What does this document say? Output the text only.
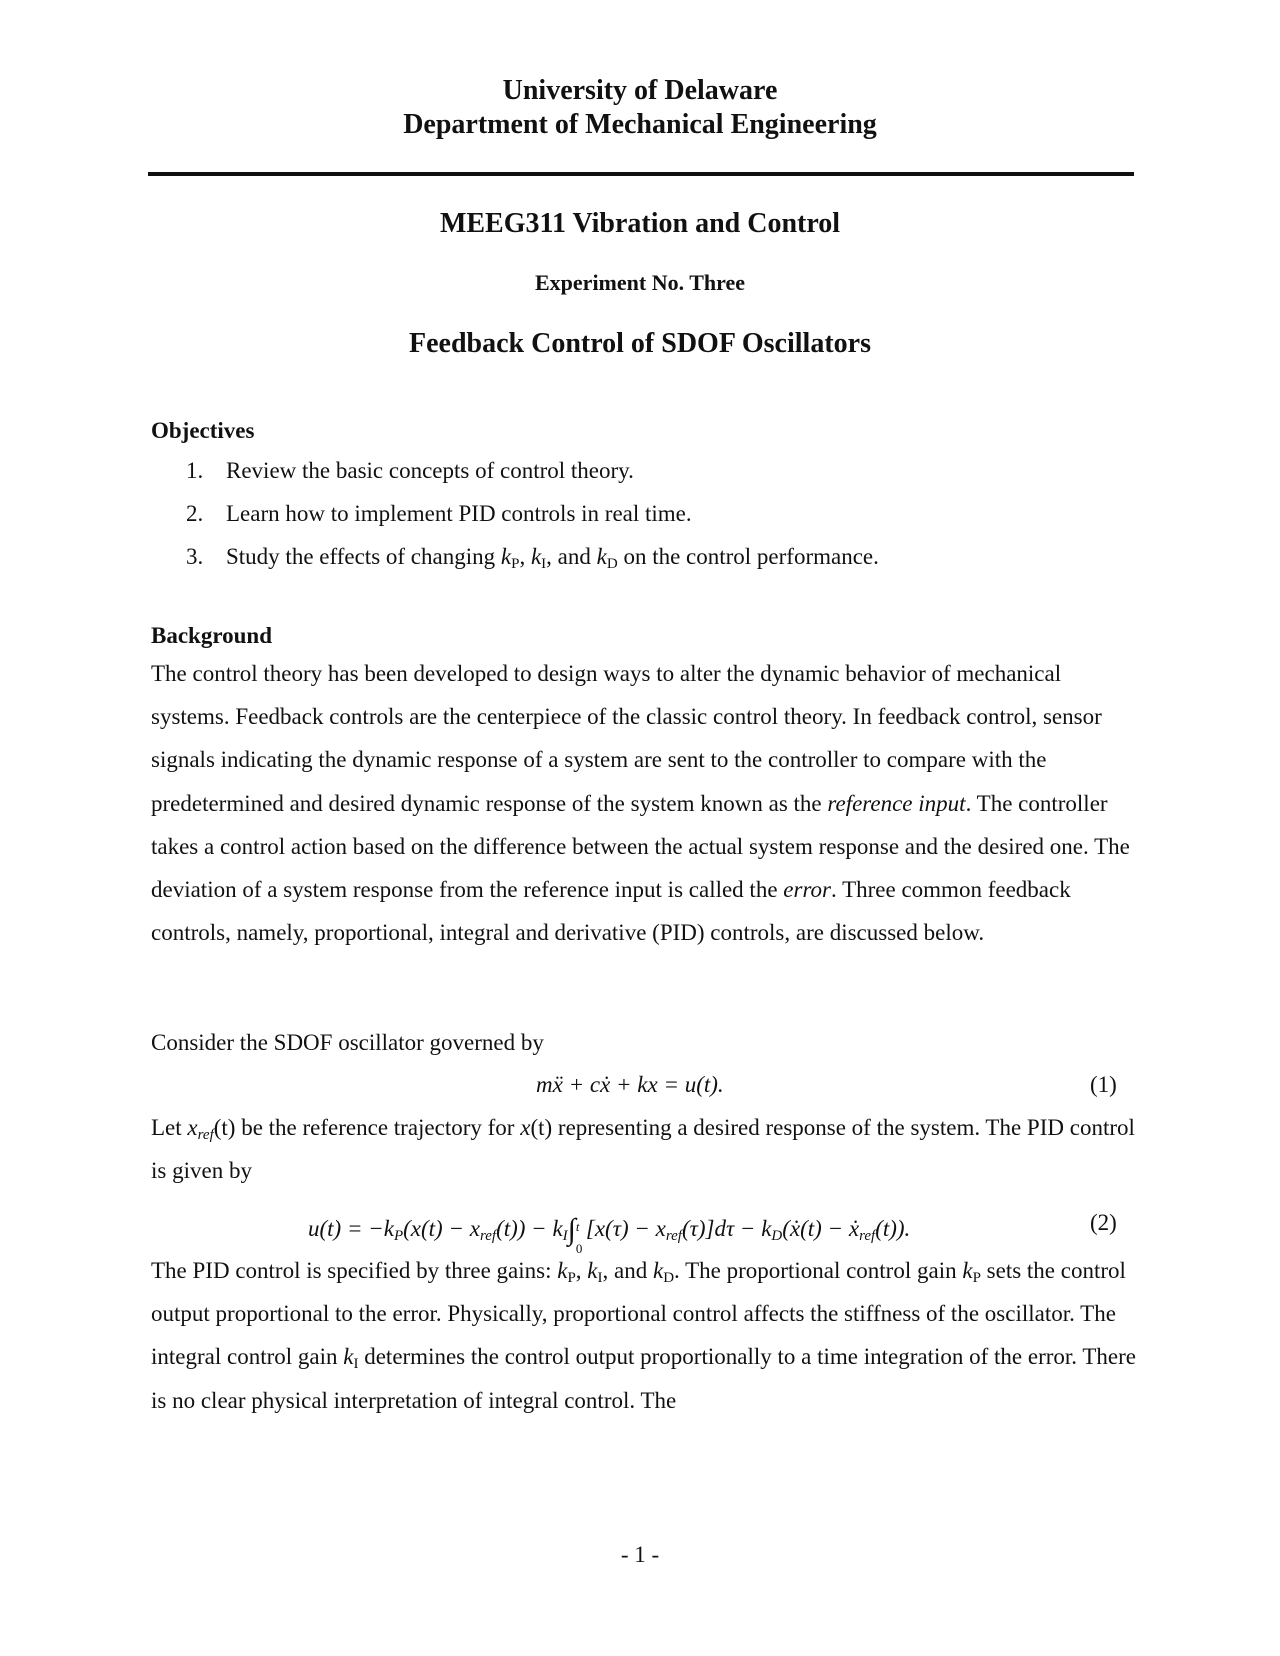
University of Delaware
Department of Mechanical Engineering
MEEG311 Vibration and Control
Experiment No. Three
Feedback Control of SDOF Oscillators
Objectives
1. Review the basic concepts of control theory.
2. Learn how to implement PID controls in real time.
3. Study the effects of changing $k_P$, $k_I$, and $k_D$ on the control performance.
Background

The control theory has been developed to design ways to alter the dynamic behavior of mechanical systems. Feedback controls are the centerpiece of the classic control theory. In feedback control, sensor signals indicating the dynamic response of a system are sent to the controller to compare with the predetermined and desired dynamic response of the system known as the reference input. The controller takes a control action based on the difference between the actual system response and the desired one. The deviation of a system response from the reference input is called the error. Three common feedback controls, namely, proportional, integral and derivative (PID) controls, are discussed below.

Consider the SDOF oscillator governed by

mẍ + cẋ + kx = u(t).	(1)

Let $x_{ref}(t)$ be the reference trajectory for x(t) representing a desired response of the system. The PID control is given by

$u(t) = -k_P(x(t) - x_{ref}(t)) - k_I\int$ t
0
$[x(\tau) - x_{ref}(\tau)]d\tau$ − $k_D(ẋ(t)$ − ẋ$_{ref}$(t)).	(2)

The PID control is specified by three gains: $k_P$, $k_I$, and $k_D$. The proportional control gain $k_P$ sets the control output proportional to the error. Physically, proportional control affects the stiffness of the oscillator. The integral control gain $k_I$ determines the control output proportionally to a time integration of the error. There is no clear physical interpretation of integral control. The

- 1 -
